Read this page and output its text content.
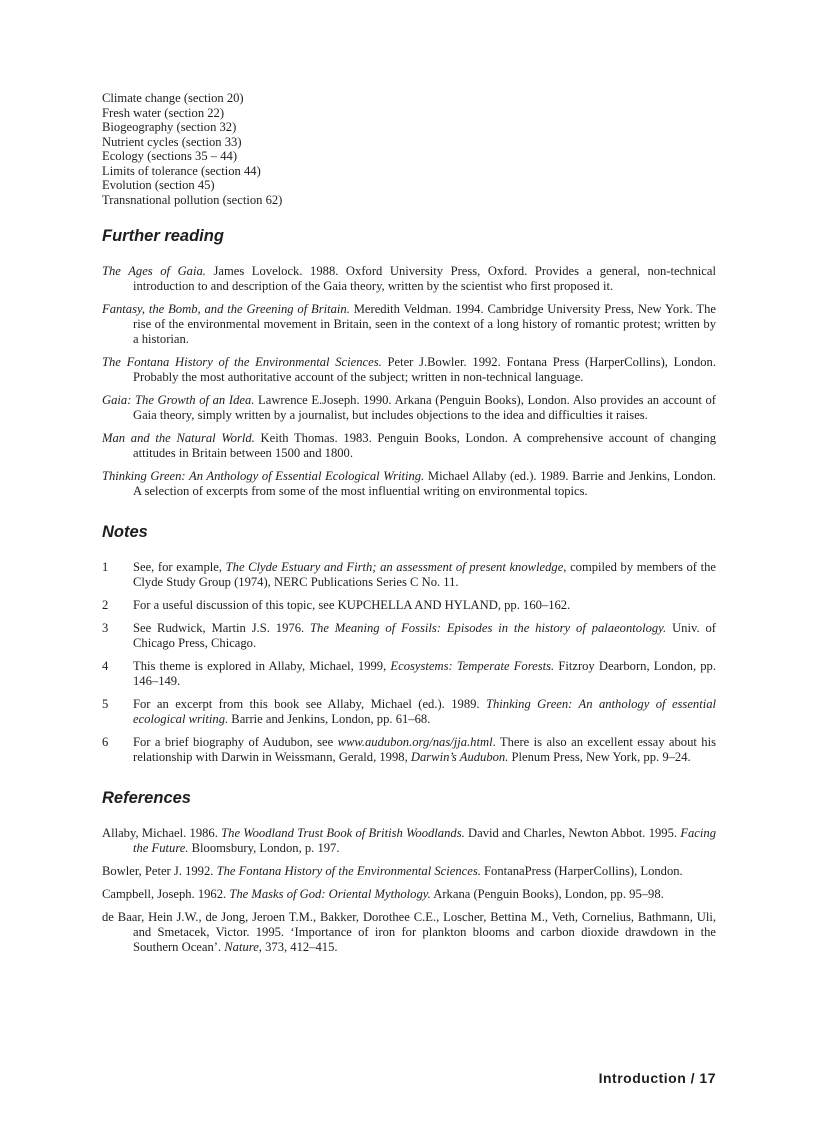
Climate change (section 20)
Fresh water (section 22)
Biogeography (section 32)
Nutrient cycles (section 33)
Ecology (sections 35 – 44)
Limits of tolerance (section 44)
Evolution (section 45)
Transnational pollution (section 62)
Further reading
The Ages of Gaia. James Lovelock. 1988. Oxford University Press, Oxford. Provides a general, non-technical introduction to and description of the Gaia theory, written by the scientist who first proposed it.
Fantasy, the Bomb, and the Greening of Britain. Meredith Veldman. 1994. Cambridge University Press, New York. The rise of the environmental movement in Britain, seen in the context of a long history of romantic protest; written by a historian.
The Fontana History of the Environmental Sciences. Peter J.Bowler. 1992. Fontana Press (HarperCollins), London. Probably the most authoritative account of the subject; written in non-technical language.
Gaia: The Growth of an Idea. Lawrence E.Joseph. 1990. Arkana (Penguin Books), London. Also provides an account of Gaia theory, simply written by a journalist, but includes objections to the idea and difficulties it raises.
Man and the Natural World. Keith Thomas. 1983. Penguin Books, London. A comprehensive account of changing attitudes in Britain between 1500 and 1800.
Thinking Green: An Anthology of Essential Ecological Writing. Michael Allaby (ed.). 1989. Barrie and Jenkins, London. A selection of excerpts from some of the most influential writing on environmental topics.
Notes
1 See, for example, The Clyde Estuary and Firth; an assessment of present knowledge, compiled by members of the Clyde Study Group (1974), NERC Publications Series C No. 11.
2 For a useful discussion of this topic, see KUPCHELLA AND HYLAND, pp. 160–162.
3 See Rudwick, Martin J.S. 1976. The Meaning of Fossils: Episodes in the history of palaeontology. Univ. of Chicago Press, Chicago.
4 This theme is explored in Allaby, Michael, 1999, Ecosystems: Temperate Forests. Fitzroy Dearborn, London, pp. 146–149.
5 For an excerpt from this book see Allaby, Michael (ed.). 1989. Thinking Green: An anthology of essential ecological writing. Barrie and Jenkins, London, pp. 61–68.
6 For a brief biography of Audubon, see www.audubon.org/nas/jja.html. There is also an excellent essay about his relationship with Darwin in Weissmann, Gerald, 1998, Darwin’s Audubon. Plenum Press, New York, pp. 9–24.
References
Allaby, Michael. 1986. The Woodland Trust Book of British Woodlands. David and Charles, Newton Abbot. 1995. Facing the Future. Bloomsbury, London, p. 197.
Bowler, Peter J. 1992. The Fontana History of the Environmental Sciences. FontanaPress (HarperCollins), London.
Campbell, Joseph. 1962. The Masks of God: Oriental Mythology. Arkana (Penguin Books), London, pp. 95–98.
de Baar, Hein J.W., de Jong, Jeroen T.M., Bakker, Dorothee C.E., Loscher, Bettina M., Veth, Cornelius, Bathmann, Uli, and Smetacek, Victor. 1995. ‘Importance of iron for plankton blooms and carbon dioxide drawdown in the Southern Ocean’. Nature, 373, 412–415.
Introduction / 17
